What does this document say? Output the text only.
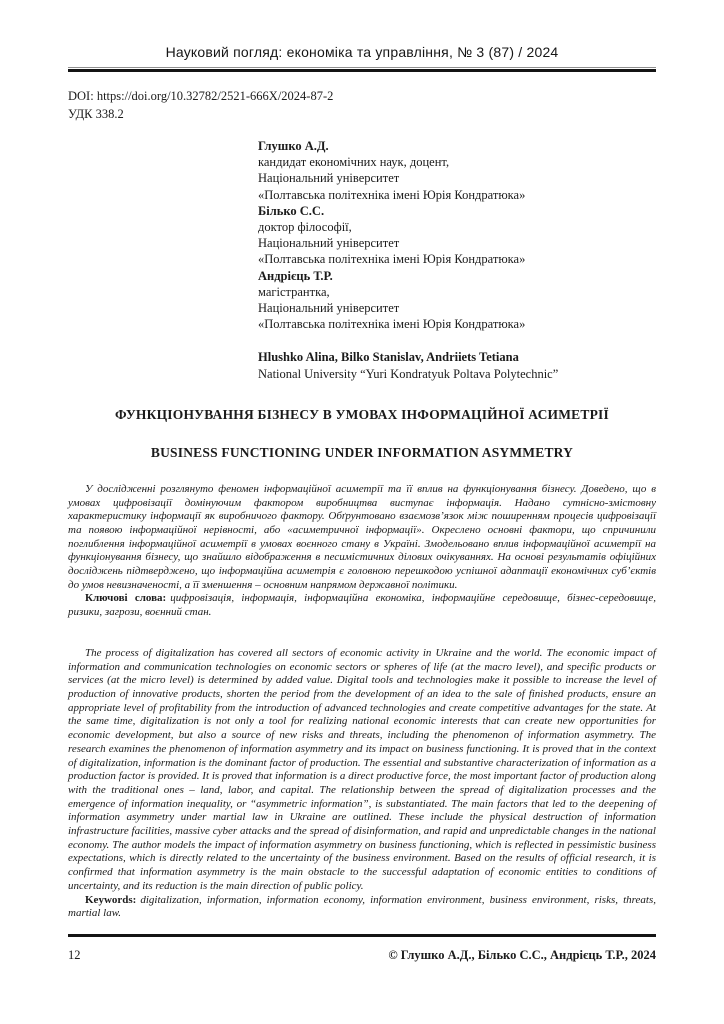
Науковий погляд: економіка та управління, № 3 (87) / 2024
DOI: https://doi.org/10.32782/2521-666X/2024-87-2
УДК 338.2
Глушко А.Д.
кандидат економічних наук, доцент,
Національний університет
«Полтавська політехніка імені Юрія Кондратюка»
Білько С.С.
доктор філософії,
Національний університет
«Полтавська політехніка імені Юрія Кондратюка»
Андрієць Т.Р.
магістрантка,
Національний університет
«Полтавська політехніка імені Юрія Кондратюка»
Hlushko Alina, Bilko Stanislav, Andriiets Tetiana
National University “Yuri Kondratyuk Poltava Polytechnic”
ФУНКЦІОНУВАННЯ БІЗНЕСУ В УМОВАХ ІНФОРМАЦІЙНОЇ АСИМЕТРІЇ
BUSINESS FUNCTIONING UNDER INFORMATION ASYMMETRY

У дослідженні розглянуто феномен інформаційної асиметрії та її вплив на функціонування бізнесу. Доведено, що в умовах цифровізації домінуючим фактором виробництва виступає інформація. Надано сутнісно-змістовну характеристику інформації як виробничого фактору. Обґрунтовано взаємозв’язок між поширенням процесів цифровізації та появою інформаційної нерівності, або «асиметричної інформації». Окреслено основні фактори, що спричинили поглиблення інформаційної асиметрії в умовах воєнного стану в Україні. Змодельовано вплив інформаційної асиметрії на функціонування бізнесу, що знайшло відображення в песимістичних ділових очікуваннях. На основі результатів офіційних досліджень підтверджено, що інформаційна асиметрія є головною перешкодою успішної адаптації економічних суб’єктів до умов невизначеності, а її зменшення – основним напрямом державної політики.

Ключові слова: цифровізація, інформація, інформаційна економіка, інформаційне середовище, бізнес-середовище, ризики, загрози, воєнний стан.

The process of digitalization has covered all sectors of economic activity in Ukraine and the world. The economic impact of information and communication technologies on economic sectors or spheres of life (at the macro level), and specific products or services (at the micro level) is determined by added value. Digital tools and technologies make it possible to increase the level of production of innovative products, shorten the period from the development of an idea to the sale of finished products, ensure an appropriate level of profitability from the introduction of advanced technologies and create competitive advantages for the state. At the same time, digitalization is not only a tool for realizing national economic interests that can create new opportunities for economic development, but also a source of new risks and threats, including the phenomenon of information asymmetry. The research examines the phenomenon of information asymmetry and its impact on business functioning. It is proved that in the context of digitalization, information is the dominant factor of production. The essential and substantive characterization of information as a production factor is provided. It is proved that information is a direct productive force, the most important factor of production along with the traditional ones – land, labor, and capital. The relationship between the spread of digitalization processes and the emergence of information inequality, or “asymmetric information”, is substantiated. The main factors that led to the deepening of information asymmetry under martial law in Ukraine are outlined. These include the physical destruction of information infrastructure facilities, massive cyber attacks and the spread of disinformation, and rapid and unpredictable changes in the national economy. The author models the impact of information asymmetry on business functioning, which is reflected in pessimistic business expectations, which is directly related to the uncertainty of the business environment. Based on the results of official research, it is confirmed that information asymmetry is the main obstacle to the successful adaptation of economic entities to conditions of uncertainty, and its reduction is the main direction of public policy.

Keywords: digitalization, information, information economy, information environment, business environment, risks, threats, martial law.

12	© Глушко А.Д., Білько С.С., Андрієць Т.Р., 2024
